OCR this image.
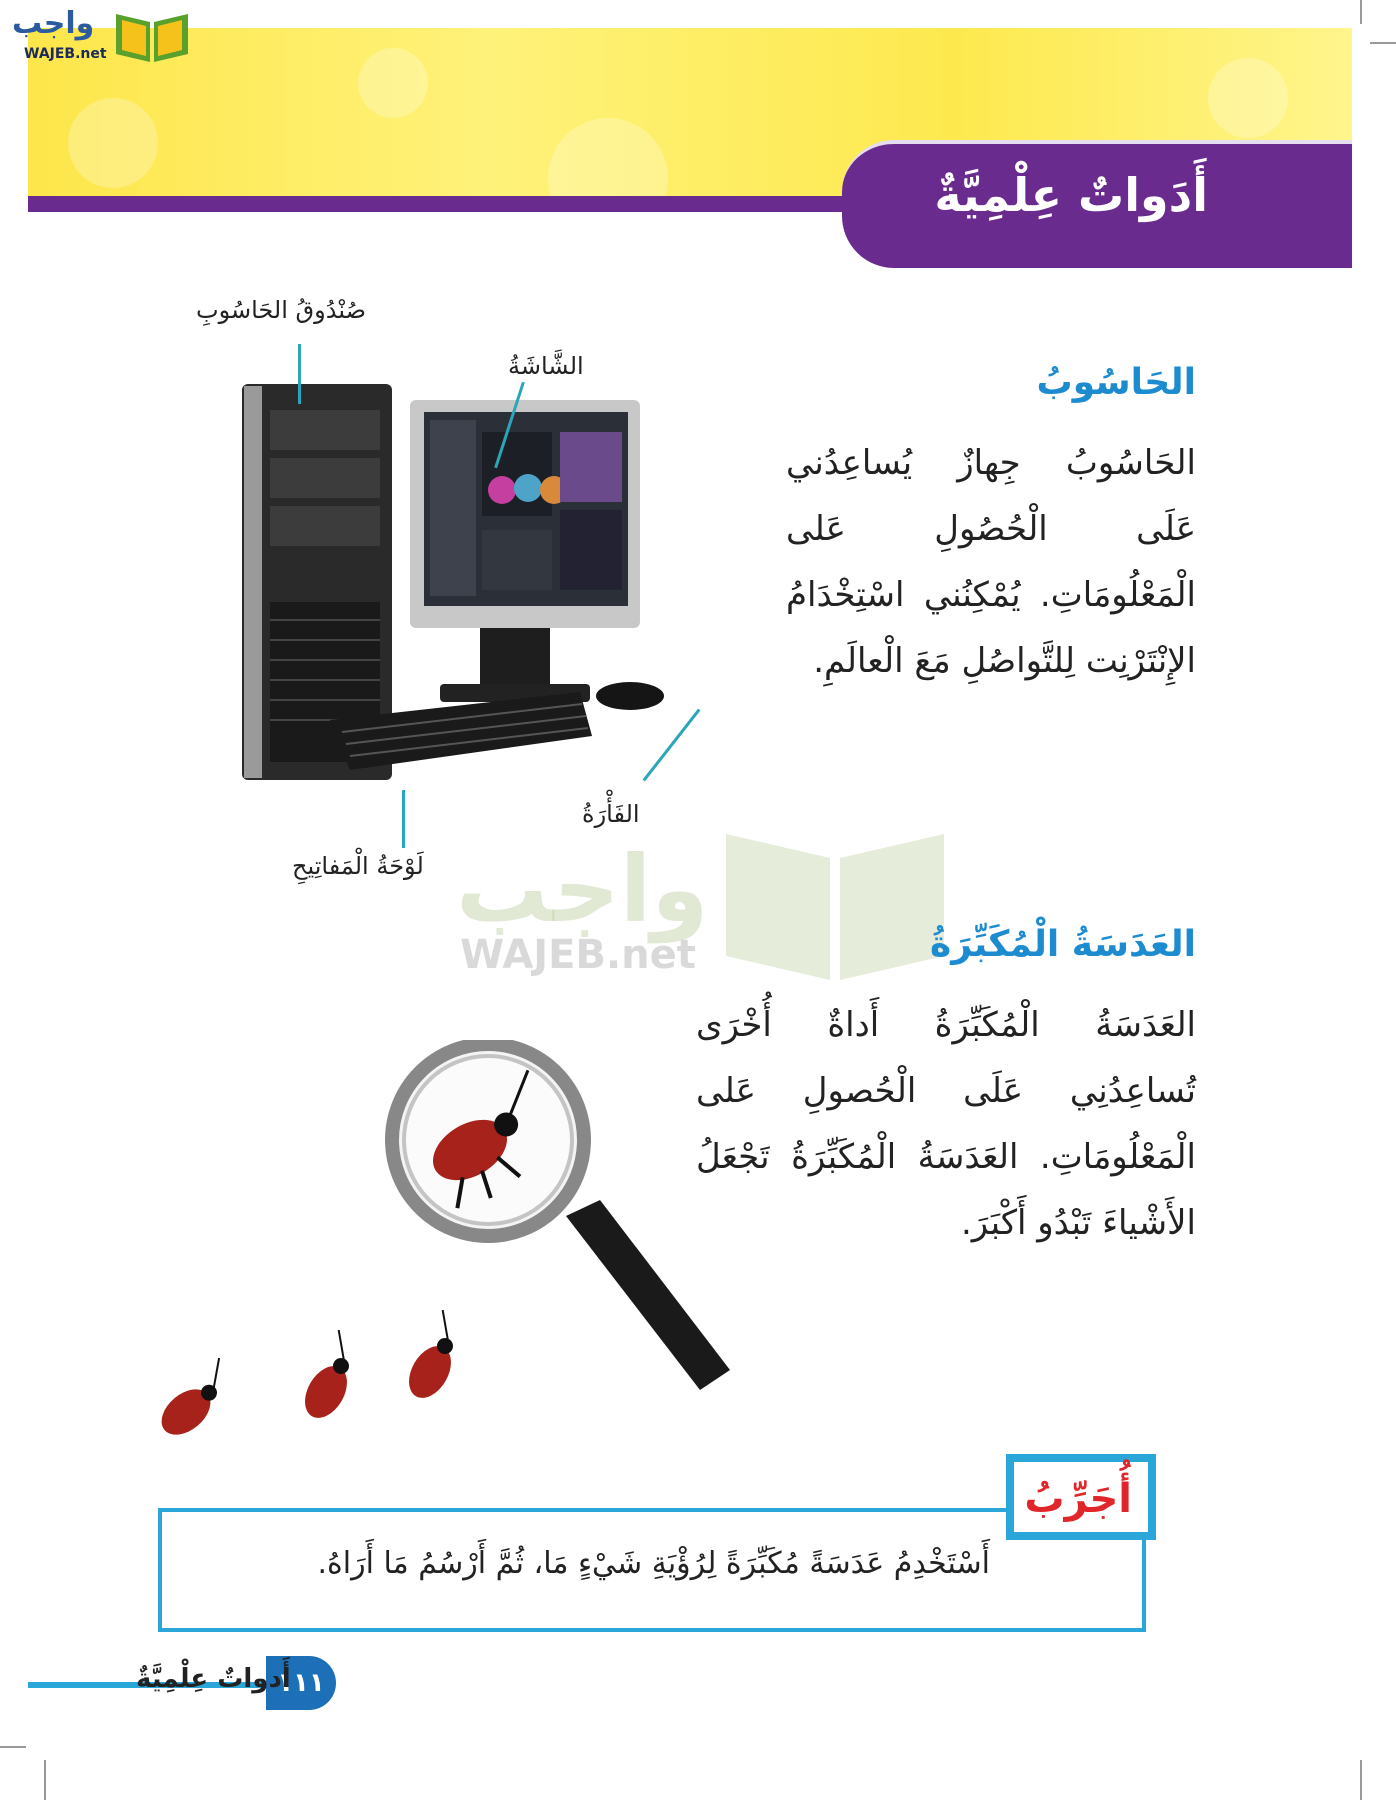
أَدَواتٌ عِلْمِيَّةٌ
واجب
WAJEB.net
صُنْدُوقُ الحَاسُوبِ
الشَّاشَةُ
الفَأْرَةُ
لَوْحَةُ الْمَفاتِيحِ
الحَاسُوبُ
الحَاسُوبُ جِهازٌ يُساعِدُني عَلَى الْحُصُولِ عَلى الْمَعْلُومَاتِ. يُمْكِنُني اسْتِخْدَامُ الإِنْتَرْنِت لِلتَّواصُلِ مَعَ الْعالَمِ.
واجب
WAJEB.net	العَدَسَةُ الْمُكَبِّرَةُ
العَدَسَةُ الْمُكَبِّرَةُ أَداةٌ أُخْرَى تُساعِدُنِي عَلَى الْحُصولِ عَلى الْمَعْلُومَاتِ. العَدَسَةُ الْمُكَبِّرَةُ تَجْعَلُ الأَشْياءَ تَبْدُو أَكْبَرَ.
أُجَرِّبُ
أَسْتَخْدِمُ عَدَسَةً مُكَبِّرَةً لِرُؤْيَةِ شَيْءٍ مَا، ثُمَّ أَرْسُمُ مَا أَرَاهُ.
١١١
أَدواتٌ عِلْمِيَّةٌ
